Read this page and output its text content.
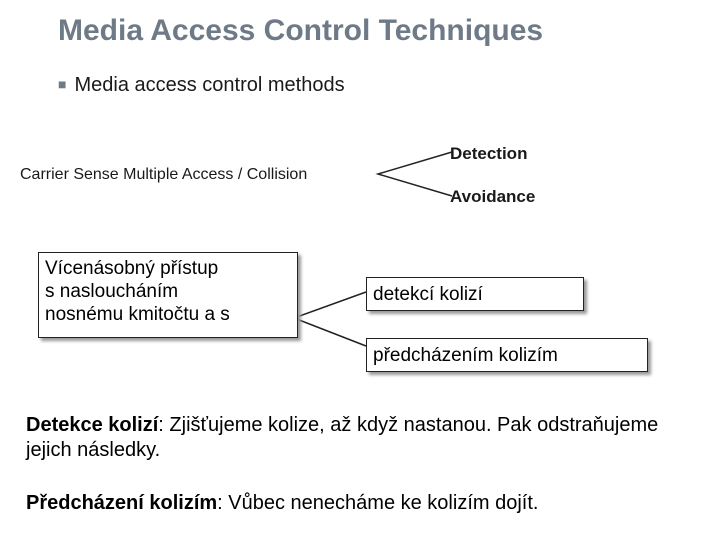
Media Access Control Techniques
■ Media access control methods
Carrier Sense Multiple Access / Collision
Detection
Avoidance
Vícenásobný přístup
s nasloucháním
nosnému kmitočtu a s
detekcí kolizí
předcházením kolizím
Detekce kolizí: Zjišťujeme kolize, až když nastanou. Pak odstraňujeme jejich následky.
Předcházení kolizím: Vůbec nenecháme ke kolizím dojít.
